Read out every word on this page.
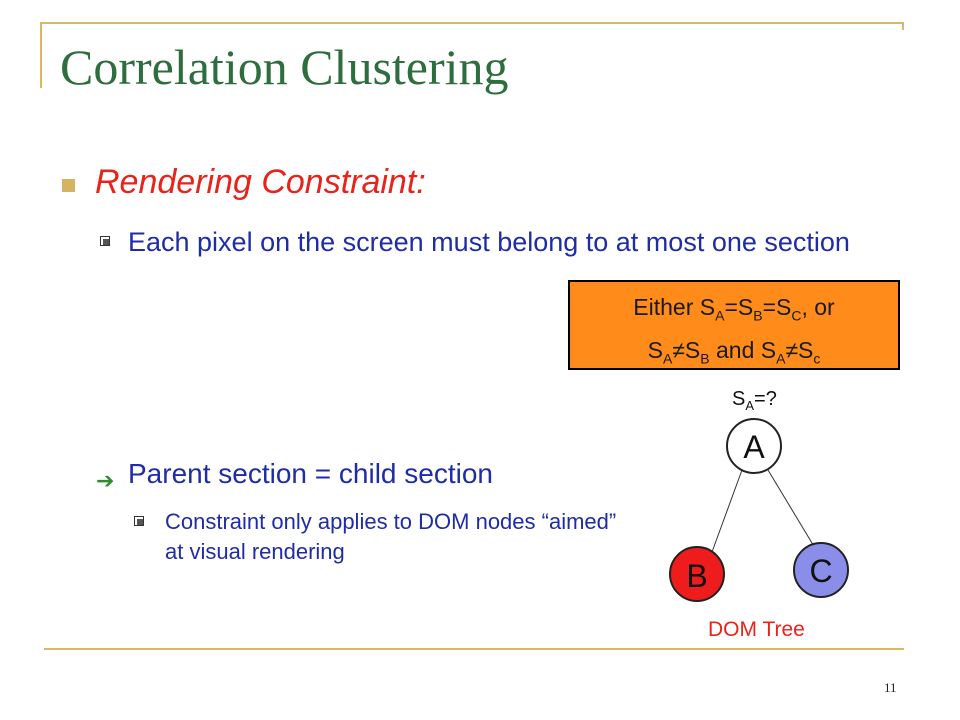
Correlation Clustering
Rendering Constraint:
Each pixel on the screen must belong to at most one section
Either $S_A=S_B=S_C$, or
$S_A\ne S_B$ and $S_A\ne S_c$
$S_A=$?
A
B	C
➔ Parent section = child section
Constraint only applies to DOM nodes “aimed” at visual rendering
DOM Tree
11
